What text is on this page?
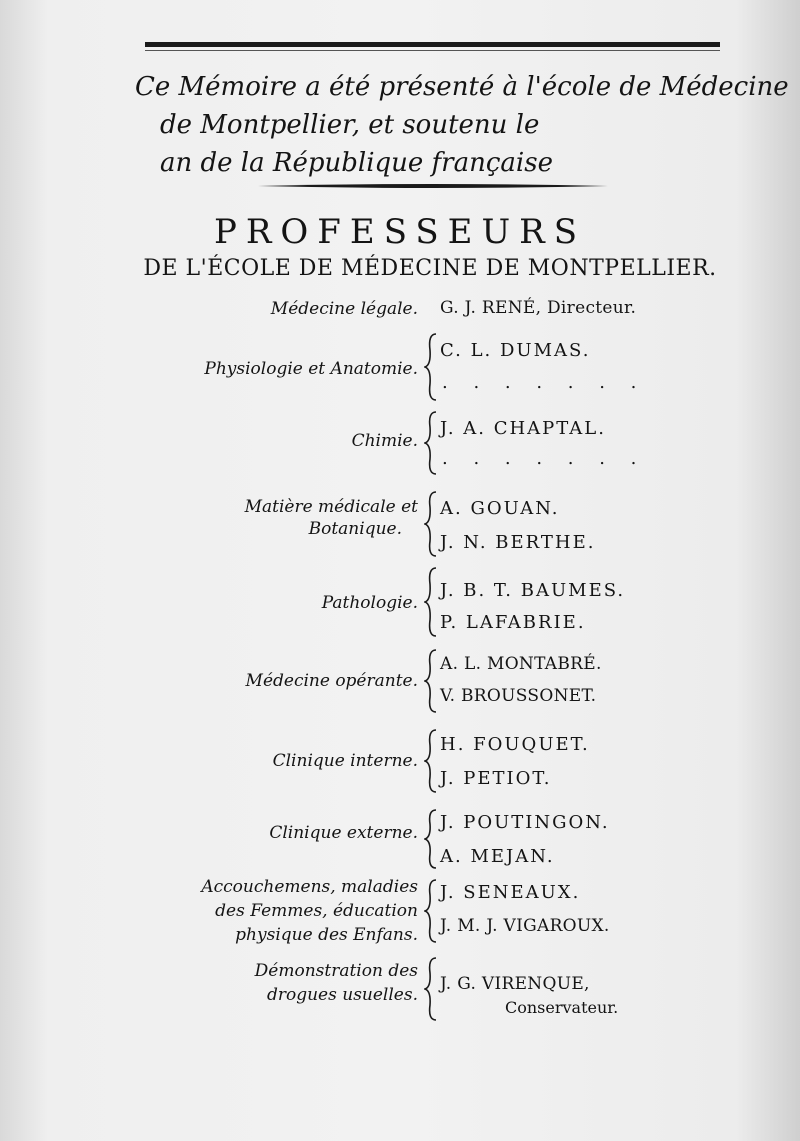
Ce Mémoire a été présenté à l'école de Médecine
de Montpellier, et soutenu le
an de la République française
PROFESSEURS
DE L'ÉCOLE DE MÉDECINE DE MONTPELLIER.
Médecine légale. G. J. RENÉ, Directeur.
Physiologie et Anatomie.
C. L. DUMAS.
. . . . . . .
Chimie.
J. A. CHAPTAL.
. . . . . . .
Matière médicale et
Botanique.
A. GOUAN.
J. N. BERTHE.
Pathologie.
J. B. T. BAUMES.
P. LAFABRIE.
Médecine opérante.
A. L. MONTABRÉ.
V. BROUSSONET.
Clinique interne.
H. FOUQUET.
J. PETIOT.
Clinique externe. J. POUTINGON.
A. MEJAN.
Accouchemens, maladies
des Femmes, éducation
physique des Enfans.
J. SENEAUX.
J. M. J. VIGAROUX.
Démonstration des
drogues usuelles.
J. G. VIRENQUE,
Conservateur.
